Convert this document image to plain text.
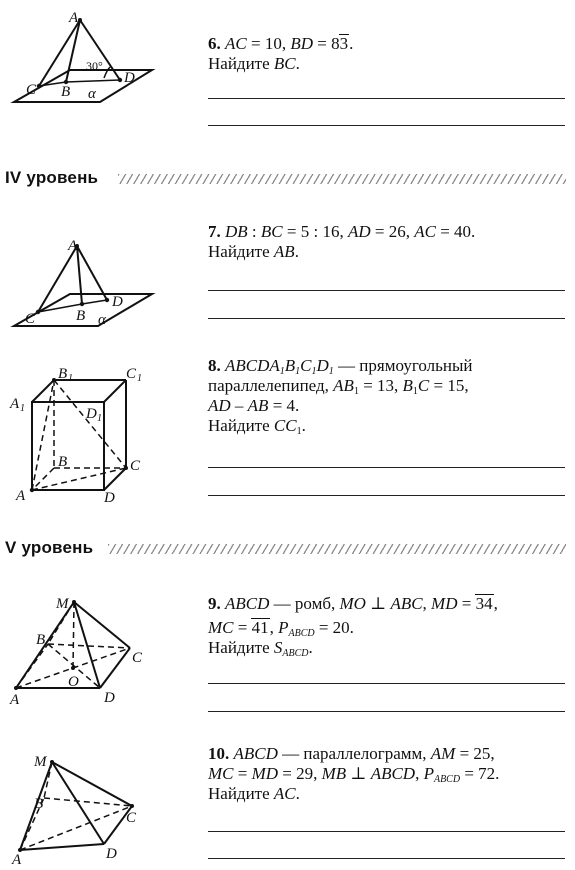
A
C B
D
30°
α
6. AC = 10, BD = 83.
Найдите BC.
IV уровень
A
C	B
D
α
7. DB : BC = 5 : 16, AD = 26, AC = 40.
Найдите AB.
B 1	C 1
A 1	D 1
B	C
A	D
8. $ABCDA_1B_1C_1D_1$ — прямоугольный
параллелепипед, $AB_1 = 13$, $B_1C = 15$,
AD – AB = 4.
Найдите $CC_1$.
V уровень
M
B
C
O
A	D
9. ABCD — ромб, MO ⊥ ABC, MD = 34,
MC = 41, $P_{ABCD} = 20$.
Найдите $S_{ABCD}$.
M
B
C
A	D
10. ABCD — параллелограмм, AM = 25,
MC = MD = 29, MB ⊥ ABCD, $P_{ABCD} = 72$.
Найдите AC.
